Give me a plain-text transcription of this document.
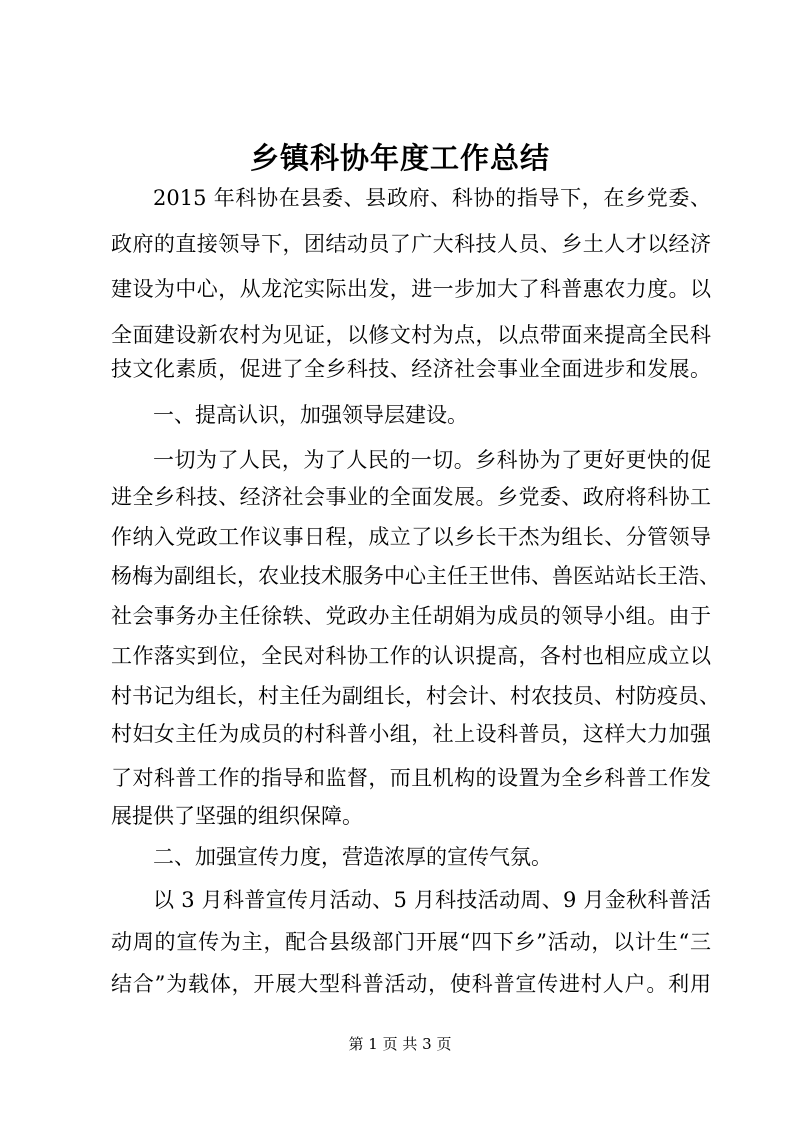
乡镇科协年度工作总结
2015 年科协在县委、县政府、科协的指导下，在乡党委、
政府的直接领导下，团结动员了广大科技人员、乡土人才以经济
建设为中心，从龙沱实际出发，进一步加大了科普惠农力度。以
全面建设新农村为见证，以修文村为点，以点带面来提高全民科
技文化素质，促进了全乡科技、经济社会事业全面进步和发展。
一、提高认识，加强领导层建设。
一切为了人民，为了人民的一切。乡科协为了更好更快的促
进全乡科技、经济社会事业的全面发展。乡党委、政府将科协工
作纳入党政工作议事日程，成立了以乡长干杰为组长、分管领导
杨梅为副组长，农业技术服务中心主任王世伟、兽医站站长王浩、
社会事务办主任徐轶、党政办主任胡娟为成员的领导小组。由于
工作落实到位，全民对科协工作的认识提高，各村也相应成立以
村书记为组长，村主任为副组长，村会计、村农技员、村防疫员、
村妇女主任为成员的村科普小组，社上设科普员，这样大力加强
了对科普工作的指导和监督，而且机构的设置为全乡科普工作发
展提供了坚强的组织保障。
二、加强宣传力度，营造浓厚的宣传气氛。
以 3 月科普宣传月活动、5 月科技活动周、9 月金秋科普活
动周的宣传为主，配合县级部门开展“四下乡”活动，以计生“三
结合”为载体，开展大型科普活动，使科普宣传进村人户。利用
第 1 页 共 3 页
